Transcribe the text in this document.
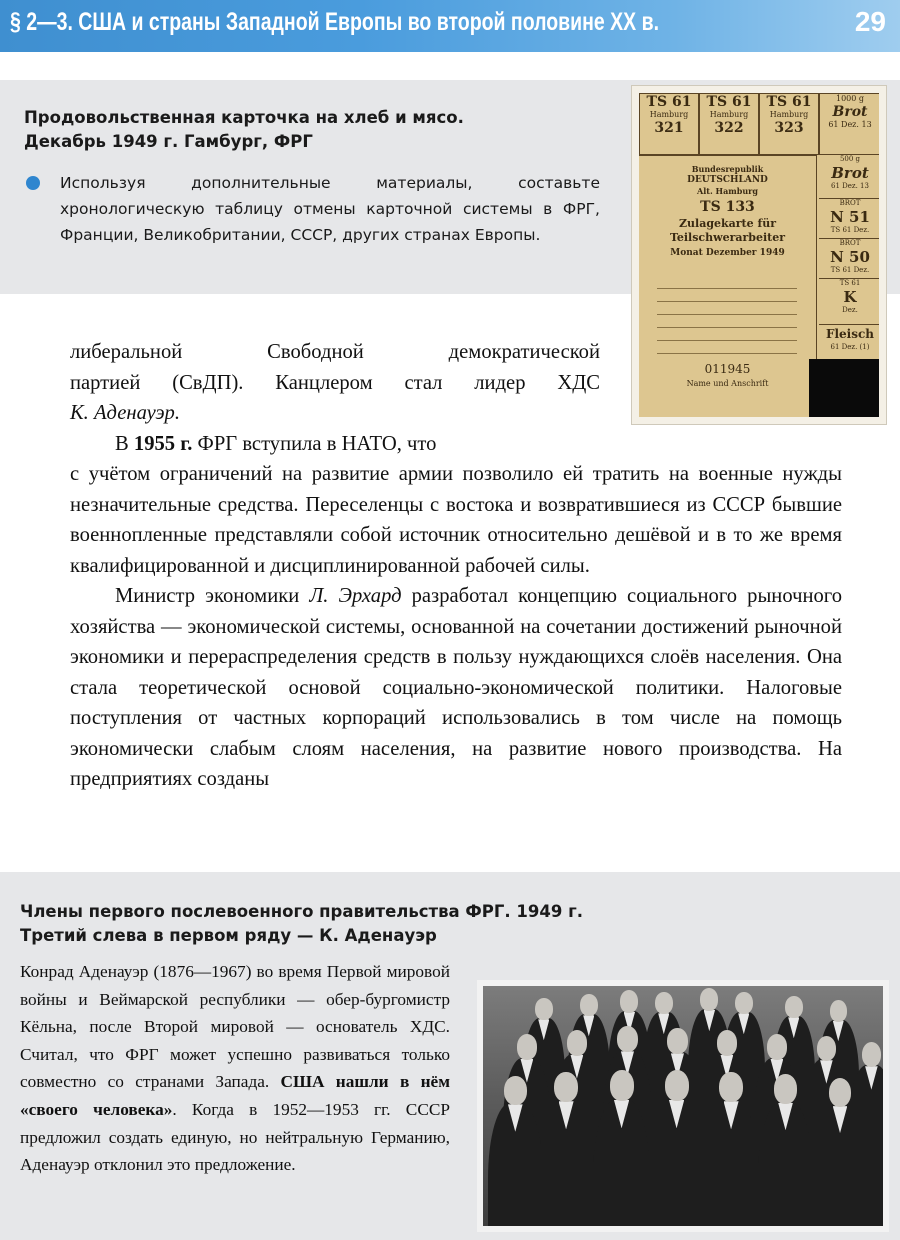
§ 2—3. США и страны Западной Европы во второй половине XX в.	29
Продовольственная карточка на хлеб и мясо.
Декабрь 1949 г. Гамбург, ФРГ
Используя дополнительные материалы, составьте хронологическую таблицу отмены карточной системы в ФРГ, Франции, Великобритании, СССР, других странах Европы.
TS 61
Hamburg
321
TS 61
Hamburg
322
TS 61
Hamburg
323
1000 g
Brot
61 Dez. 13
Bundesrepublik
DEUTSCHLAND
Alt. Hamburg
TS 133
Zulagekarte für
Teilschwerarbeiter
Monat Dezember 1949
011945
Name und Anschrift
500 g
Brot
61 Dez. 13
BROT
N 51
TS 61 Dez.
BROT
N 50
TS 61 Dez.
TS 61
K
Dez.
Fleisch
61 Dez. (1)

либеральной Свободной демократической

партией (СвДП). Канцлером стал лидер ХДС

К. Аденауэр.

В 1955 г. ФРГ вступила в НАТО, что

с учётом ограничений на развитие армии позволило ей тратить на военные нужды незначительные средства. Переселенцы с востока и возвратившиеся из СССР бывшие военнопленные представляли собой источник относительно дешёвой и в то же время квалифицированной и дисциплинированной рабочей силы.

Министр экономики Л. Эрхард разработал концепцию социального рыночного хозяйства — экономической системы, основанной на сочетании достижений рыночной экономики и перераспределения средств в пользу нуждающихся слоёв населения. Она стала теоретической основой социально-экономической политики. Налоговые поступления от частных корпораций использовались в том числе на помощь экономически слабым слоям населения, на развитие нового производства. На предприятиях созданы

Члены первого послевоенного правительства ФРГ. 1949 г.
Третий слева в первом ряду — К. Аденауэр
Конрад Аденауэр (1876—1967) во время Первой мировой войны и Веймарской республики — обер-бургомистр Кёльна, после Второй мировой — основатель ХДС. Считал, что ФРГ может успешно развиваться только совместно со странами Запада. США нашли в нём «своего человека». Когда в 1952—1953 гг. СССР предложил создать единую, но нейтральную Германию, Аденауэр отклонил это предложение.
